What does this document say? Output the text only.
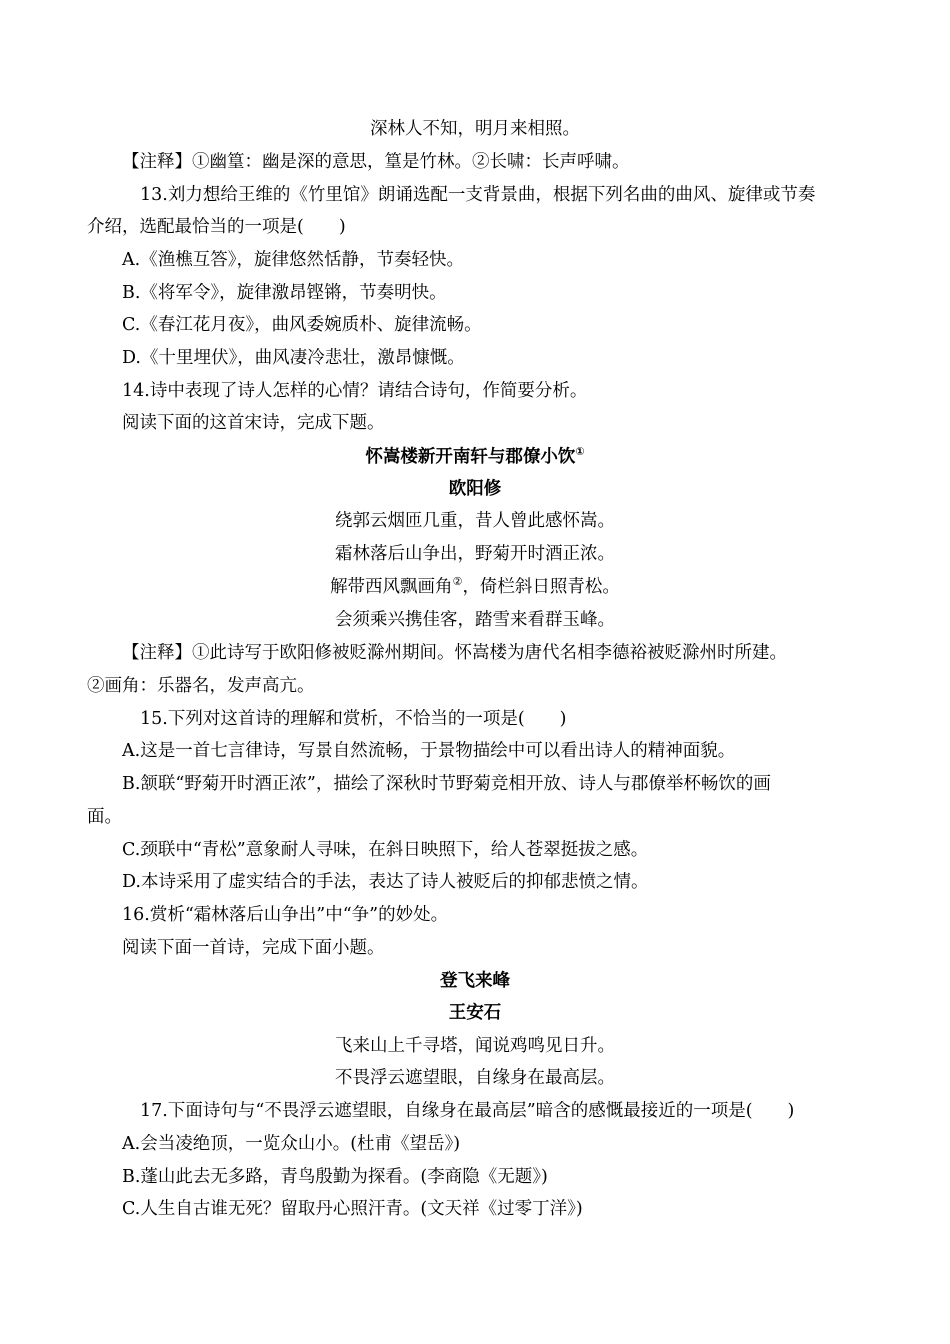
深林人不知，明月来相照。
【注释】①幽篁：幽是深的意思，篁是竹林。②长啸：长声呼啸。
13.刘力想给王维的《竹里馆》朗诵选配一支背景曲，根据下列名曲的曲风、旋律或节奏
介绍，选配最恰当的一项是(　　)
A.《渔樵互答》，旋律悠然恬静，节奏轻快。
B.《将军令》，旋律激昂铿锵，节奏明快。
C.《春江花月夜》，曲风委婉质朴、旋律流畅。
D.《十里埋伏》，曲风凄冷悲壮，激昂慷慨。
14.诗中表现了诗人怎样的心情？请结合诗句，作简要分析。
阅读下面的这首宋诗，完成下题。
怀嵩楼新开南轩与郡僚小饮①
欧阳修
绕郭云烟匝几重，昔人曾此感怀嵩。
霜林落后山争出，野菊开时酒正浓。
解带西风飘画角②，倚栏斜日照青松。
会须乘兴携佳客，踏雪来看群玉峰。
【注释】①此诗写于欧阳修被贬滁州期间。怀嵩楼为唐代名相李德裕被贬滁州时所建。
②画角：乐器名，发声高亢。
15.下列对这首诗的理解和赏析，不恰当的一项是(　　)
A.这是一首七言律诗，写景自然流畅，于景物描绘中可以看出诗人的精神面貌。
B.颔联“野菊开时酒正浓”，描绘了深秋时节野菊竞相开放、诗人与郡僚举杯畅饮的画
面。
C.颈联中“青松”意象耐人寻味，在斜日映照下，给人苍翠挺拔之感。
D.本诗采用了虚实结合的手法，表达了诗人被贬后的抑郁悲愤之情。
16.赏析“霜林落后山争出”中“争”的妙处。
阅读下面一首诗，完成下面小题。
登飞来峰
王安石
飞来山上千寻塔，闻说鸡鸣见日升。
不畏浮云遮望眼，自缘身在最高层。
17.下面诗句与“不畏浮云遮望眼，自缘身在最高层”暗含的感慨最接近的一项是(　　)
A.会当凌绝顶，一览众山小。(杜甫《望岳》)
B.蓬山此去无多路，青鸟殷勤为探看。(李商隐《无题》)
C.人生自古谁无死？留取丹心照汗青。(文天祥《过零丁洋》)
